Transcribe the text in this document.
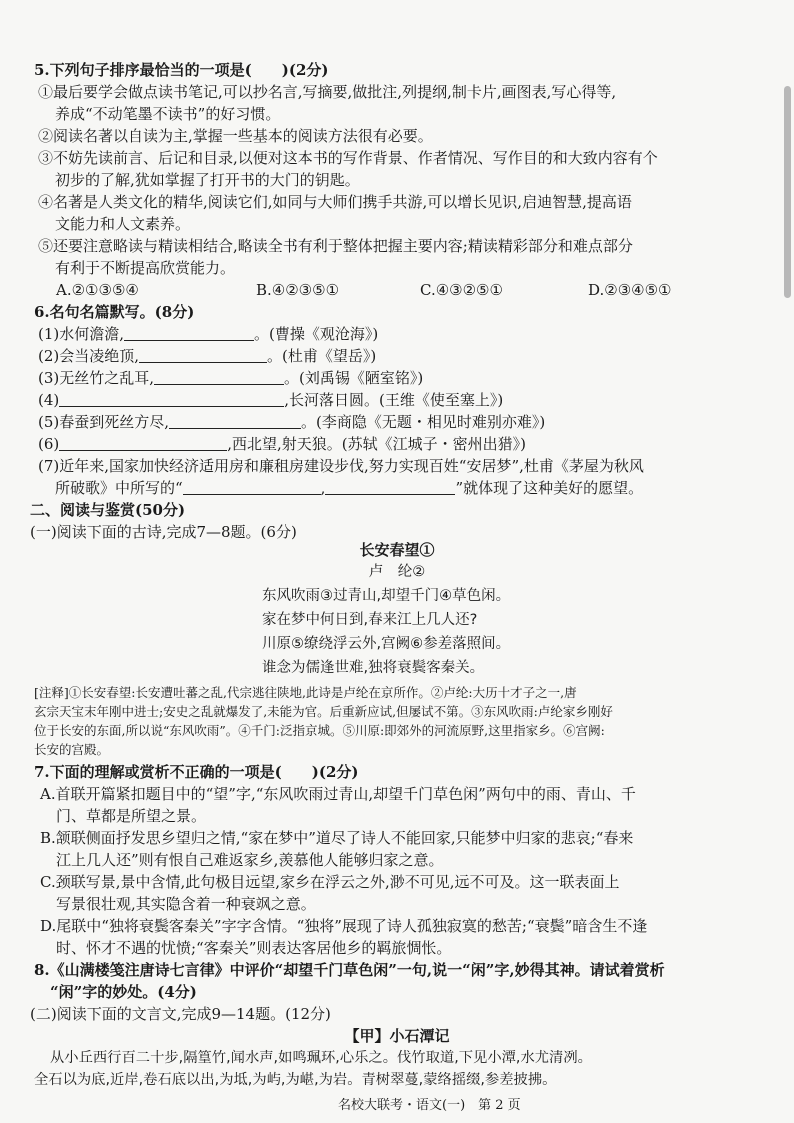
5.下列句子排序最恰当的一项是(　　)(2分)
①最后要学会做点读书笔记,可以抄名言,写摘要,做批注,列提纲,制卡片,画图表,写心得等,
养成“不动笔墨不读书”的好习惯。
②阅读名著以自读为主,掌握一些基本的阅读方法很有必要。
③不妨先读前言、后记和目录,以便对这本书的写作背景、作者情况、写作目的和大致内容有个
初步的了解,犹如掌握了打开书的大门的钥匙。
④名著是人类文化的精华,阅读它们,如同与大师们携手共游,可以增长见识,启迪智慧,提高语
文能力和人文素养。
⑤还要注意略读与精读相结合,略读全书有利于整体把握主要内容;精读精彩部分和难点部分
有利于不断提高欣赏能力。
A.②①③⑤④	B.④②③⑤①	C.④③②⑤①	D.②③④⑤①
6.名句名篇默写。(8分)
(1)水何澹澹,	。(曹操《观沧海》)
(2)会当凌绝顶,	。(杜甫《望岳》)
(3)无丝竹之乱耳,	。(刘禹锡《陋室铭》)
(4)	,长河落日圆。(王维《使至塞上》)
(5)春蚕到死丝方尽,	。(李商隐《无题・相见时难别亦难》)
(6)	,西北望,射天狼。(苏轼《江城子・密州出猎》)
(7)近年来,国家加快经济适用房和廉租房建设步伐,努力实现百姓“安居梦”,杜甫《茅屋为秋风
所破歌》中所写的“	,	”就体现了这种美好的愿望。
二、阅读与鉴赏(50分)
(一)阅读下面的古诗,完成7—8题。(6分)
长安春望①
卢　纶②
东风吹雨③过青山,却望千门④草色闲。
家在梦中何日到,春来江上几人还?
川原⑤缭绕浮云外,宫阙⑥参差落照间。
谁念为儒逢世难,独将衰鬓客秦关。
[注释]①长安春望:长安遭吐蕃之乱,代宗逃往陕地,此诗是卢纶在京所作。②卢纶:大历十才子之一,唐
玄宗天宝末年刚中进士;安史之乱就爆发了,未能为官。后重新应试,但屡试不第。③东风吹雨:卢纶家乡刚好
位于长安的东面,所以说“东风吹雨”。④千门:泛指京城。⑤川原:即郊外的河流原野,这里指家乡。⑥宫阙:
长安的宫殿。
7.下面的理解或赏析不正确的一项是(　　)(2分)
A.首联开篇紧扣题目中的“望”字,“东风吹雨过青山,却望千门草色闲”两句中的雨、青山、千
门、草都是所望之景。
B.颔联侧面抒发思乡望归之情,“家在梦中”道尽了诗人不能回家,只能梦中归家的悲哀;“春来
江上几人还”则有恨自己难返家乡,羡慕他人能够归家之意。
C.颈联写景,景中含情,此句极目远望,家乡在浮云之外,渺不可见,远不可及。这一联表面上
写景很壮观,其实隐含着一种衰飒之意。
D.尾联中“独将衰鬓客秦关”字字含情。“独将”展现了诗人孤独寂寞的愁苦;“衰鬓”暗含生不逢
时、怀才不遇的忧愤;“客秦关”则表达客居他乡的羁旅惆怅。
8.《山满楼笺注唐诗七言律》中评价“却望千门草色闲”一句,说一“闲”字,妙得其神。请试着赏析
“闲”字的妙处。(4分)
(二)阅读下面的文言文,完成9—14题。(12分)
【甲】小石潭记
从小丘西行百二十步,隔篁竹,闻水声,如鸣珮环,心乐之。伐竹取道,下见小潭,水尤清冽。
全石以为底,近岸,卷石底以出,为坻,为屿,为嵁,为岩。青树翠蔓,蒙络摇缀,参差披拂。
名校大联考・语文(一)　第 2 页
